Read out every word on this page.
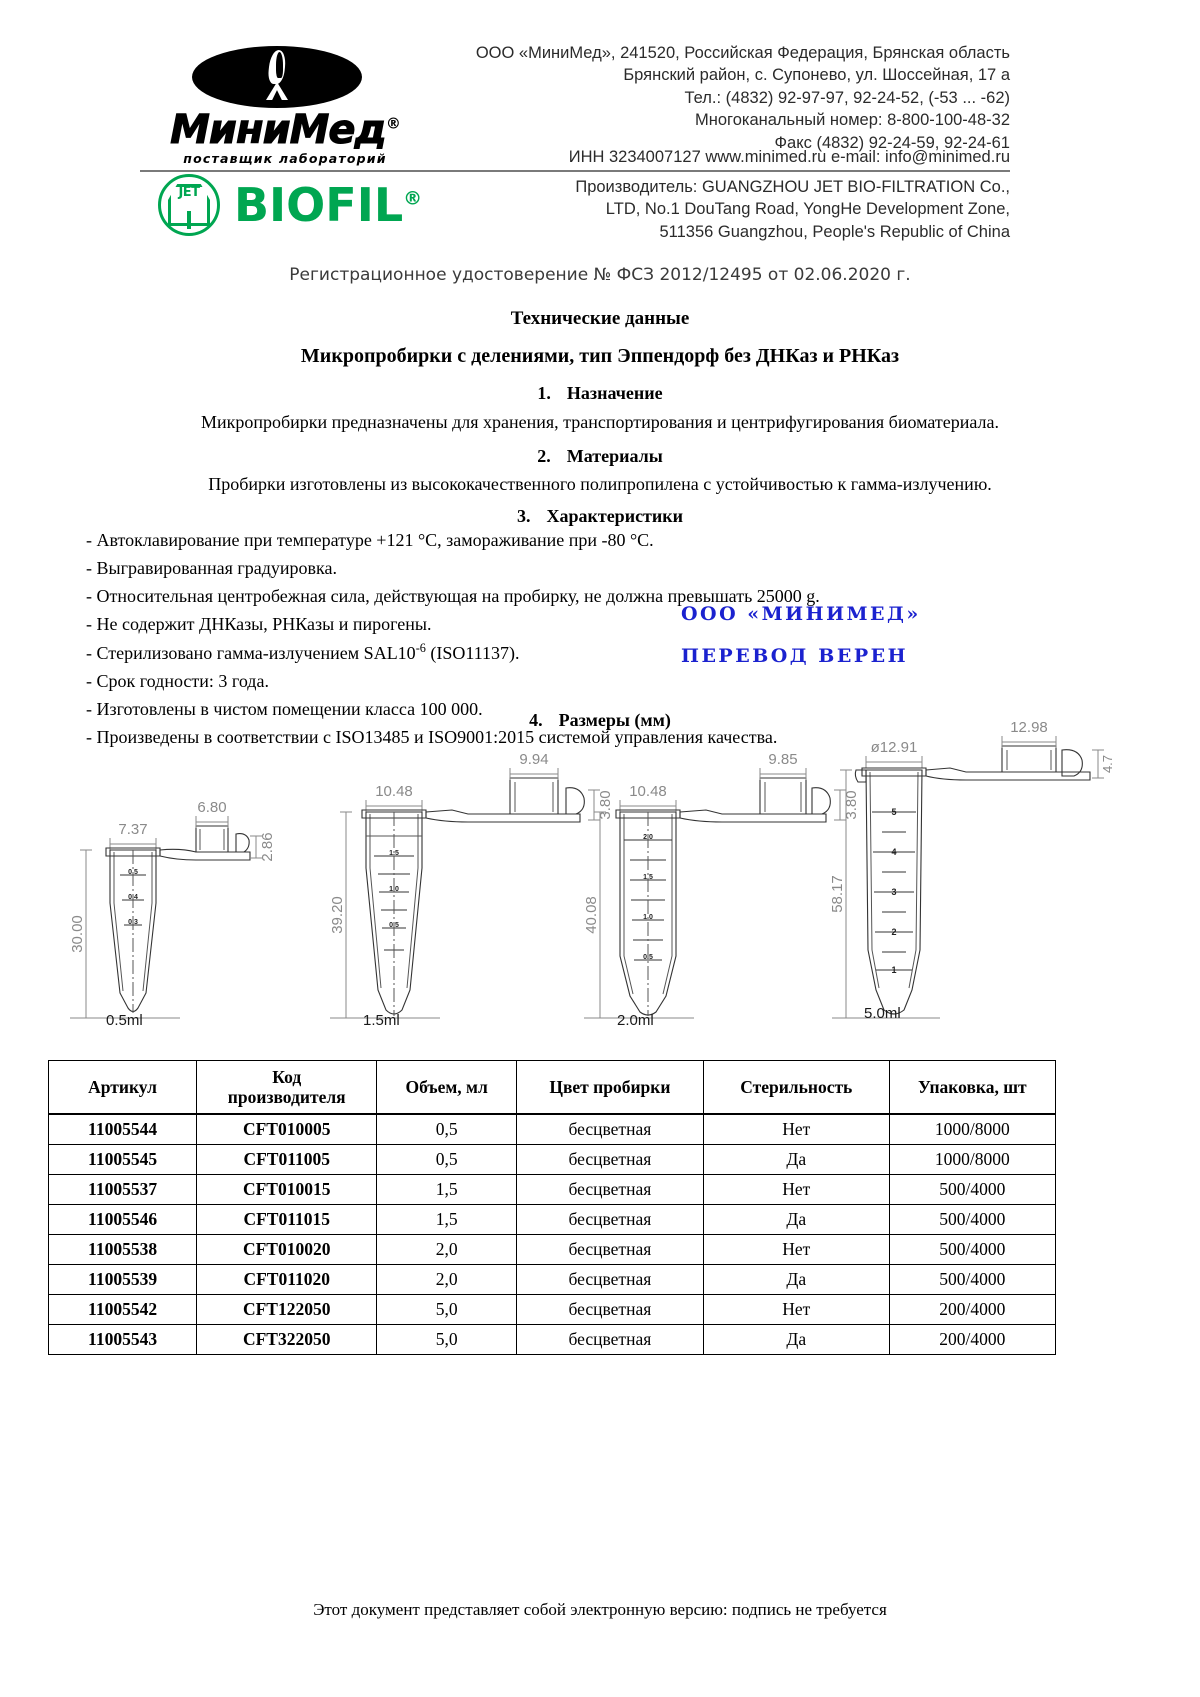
МиниМед®
поставщик лабораторий
ООО «МиниМед», 241520, Российская Федерация, Брянская область
Брянский район, с. Супонево, ул. Шоссейная, 17 а
Тел.: (4832) 92-97-97, 92-24-52, (-53 ... -62)
Многоканальный номер: 8-800-100-48-32
Факс (4832) 92-24-59, 92-24-61
ИНН 3234007127 www.minimed.ru e-mail: info@minimed.ru
JET BIOFIL®
Производитель: GUANGZHOU JET BIO-FILTRATION Co.,
LTD, No.1 DouTang Road, YongHe Development Zone,
511356 Guangzhou, People's Republic of China
Регистрационное удостоверение № ФСЗ 2012/12495 от 02.06.2020 г.
Технические данные
Микропробирки с делениями, тип Эппендорф без ДНКаз и РНКаз
1. Назначение
Микропробирки предназначены для хранения, транспортирования и центрифугирования биоматериала.
2. Материалы
Пробирки изготовлены из высококачественного полипропилена с устойчивостью к гамма-излучению.
3. Характеристики
- Автоклавирование при температуре +121 °С, замораживание при -80 °С.
- Выгравированная градуировка.
- Относительная центробежная сила, действующая на пробирку, не должна превышать 25000 g.
- Не содержит ДНКазы, РНКазы и пирогены.
- Стерилизовано гамма-излучением $SAL10^{-6}$ (ISO11137).
- Срок годности: 3 года.
- Изготовлены в чистом помещении класса 100 000.
- Произведены в соответствии с ISO13485 и ISO9001:2015 системой управления качества.
ООО «МИНИМЕД»
ПЕРЕВОД ВЕРЕН
4. Размеры (мм)
30.00
7.37
0.5
0.4
0.3
6.80
2.86
39.20
10.48
1.5
1.0
0.5
9.94
3.80
40.08
10.48
2.0
1.5
1.0
0.5
9.85
3.80
58.17
ø12.91
5
4
3
2
1
12.98
4.7
0.5ml	1.5ml	2.0ml	5.0ml
Артикул	Код
производителя	Объем, мл	Цвет пробирки	Стерильность	Упаковка, шт
11005544	CFT010005	0,5	бесцветная	Нет	1000/8000
11005545	CFT011005	0,5	бесцветная	Да	1000/8000
11005537	CFT010015	1,5	бесцветная	Нет	500/4000
11005546	CFT011015	1,5	бесцветная	Да	500/4000
11005538	CFT010020	2,0	бесцветная	Нет	500/4000
11005539	CFT011020	2,0	бесцветная	Да	500/4000
11005542	CFT122050	5,0	бесцветная	Нет	200/4000
11005543	CFT322050	5,0	бесцветная	Да	200/4000
Этот документ представляет собой электронную версию: подпись не требуется
